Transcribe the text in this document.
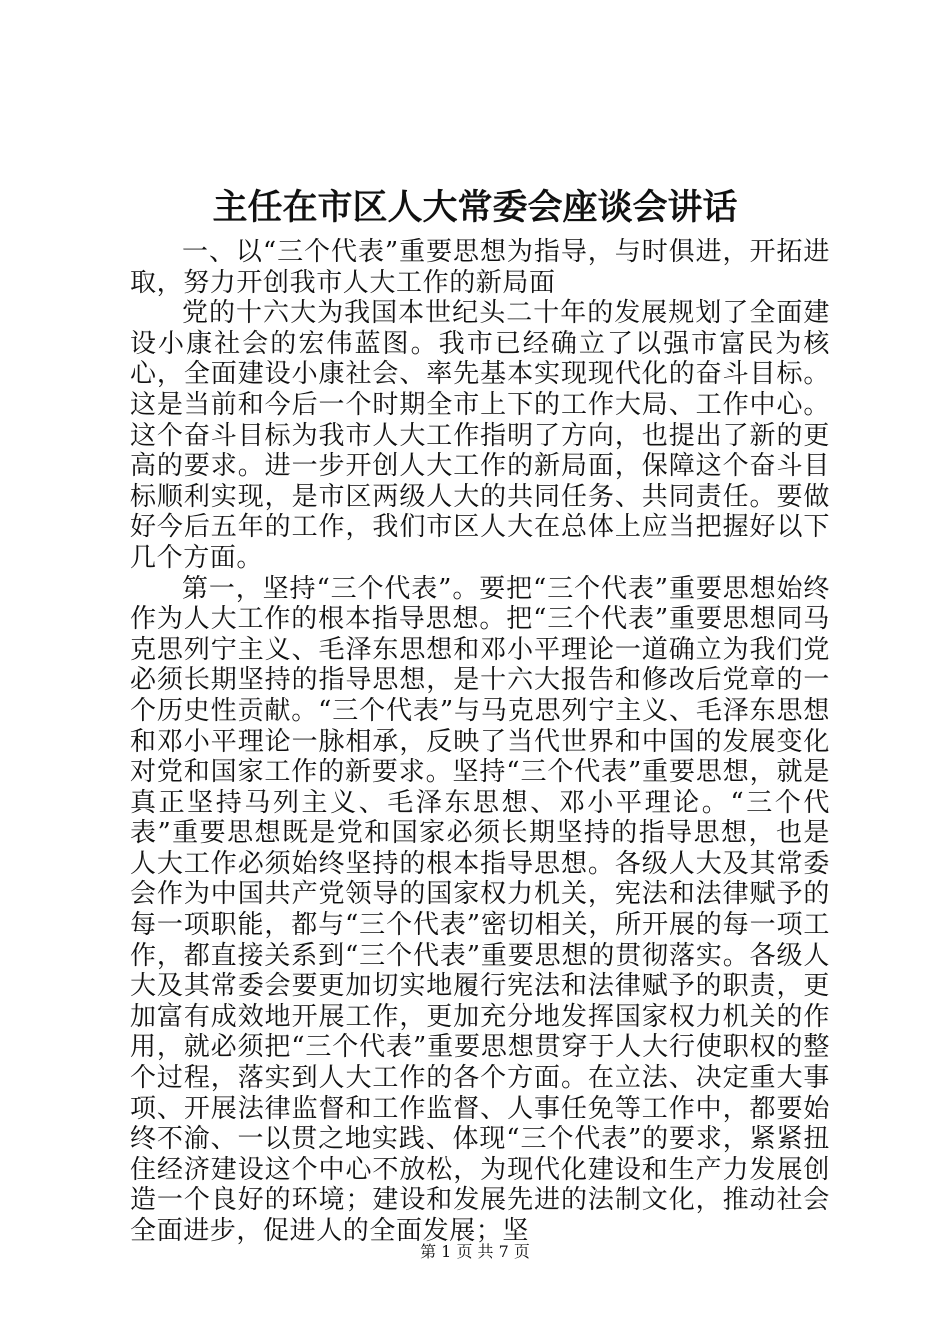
主任在市区人大常委会座谈会讲话

一、以“三个代表”重要思想为指导，与时俱进，开拓进取，努力开创我市人大工作的新局面

党的十六大为我国本世纪头二十年的发展规划了全面建设小康社会的宏伟蓝图。我市已经确立了以强市富民为核心，全面建设小康社会、率先基本实现现代化的奋斗目标。这是当前和今后一个时期全市上下的工作大局、工作中心。这个奋斗目标为我市人大工作指明了方向，也提出了新的更高的要求。进一步开创人大工作的新局面，保障这个奋斗目标顺利实现，是市区两级人大的共同任务、共同责任。要做好今后五年的工作，我们市区人大在总体上应当把握好以下几个方面。

第一，坚持“三个代表”。要把“三个代表”重要思想始终作为人大工作的根本指导思想。把“三个代表”重要思想同马克思列宁主义、毛泽东思想和邓小平理论一道确立为我们党必须长期坚持的指导思想，是十六大报告和修改后党章的一个历史性贡献。“三个代表”与马克思列宁主义、毛泽东思想和邓小平理论一脉相承，反映了当代世界和中国的发展变化对党和国家工作的新要求。坚持“三个代表”重要思想，就是真正坚持马列主义、毛泽东思想、邓小平理论。“三个代表”重要思想既是党和国家必须长期坚持的指导思想，也是人大工作必须始终坚持的根本指导思想。各级人大及其常委会作为中国共产党领导的国家权力机关，宪法和法律赋予的每一项职能，都与“三个代表”密切相关，所开展的每一项工作，都直接关系到“三个代表”重要思想的贯彻落实。各级人大及其常委会要更加切实地履行宪法和法律赋予的职责，更加富有成效地开展工作，更加充分地发挥国家权力机关的作用，就必须把“三个代表”重要思想贯穿于人大行使职权的整个过程，落实到人大工作的各个方面。在立法、决定重大事项、开展法律监督和工作监督、人事任免等工作中，都要始终不渝、一以贯之地实践、体现“三个代表”的要求，紧紧扭住经济建设这个中心不放松，为现代化建设和生产力发展创造一个良好的环境；建设和发展先进的法制文化，推动社会全面进步，促进人的全面发展；坚

第 1 页 共 7 页
